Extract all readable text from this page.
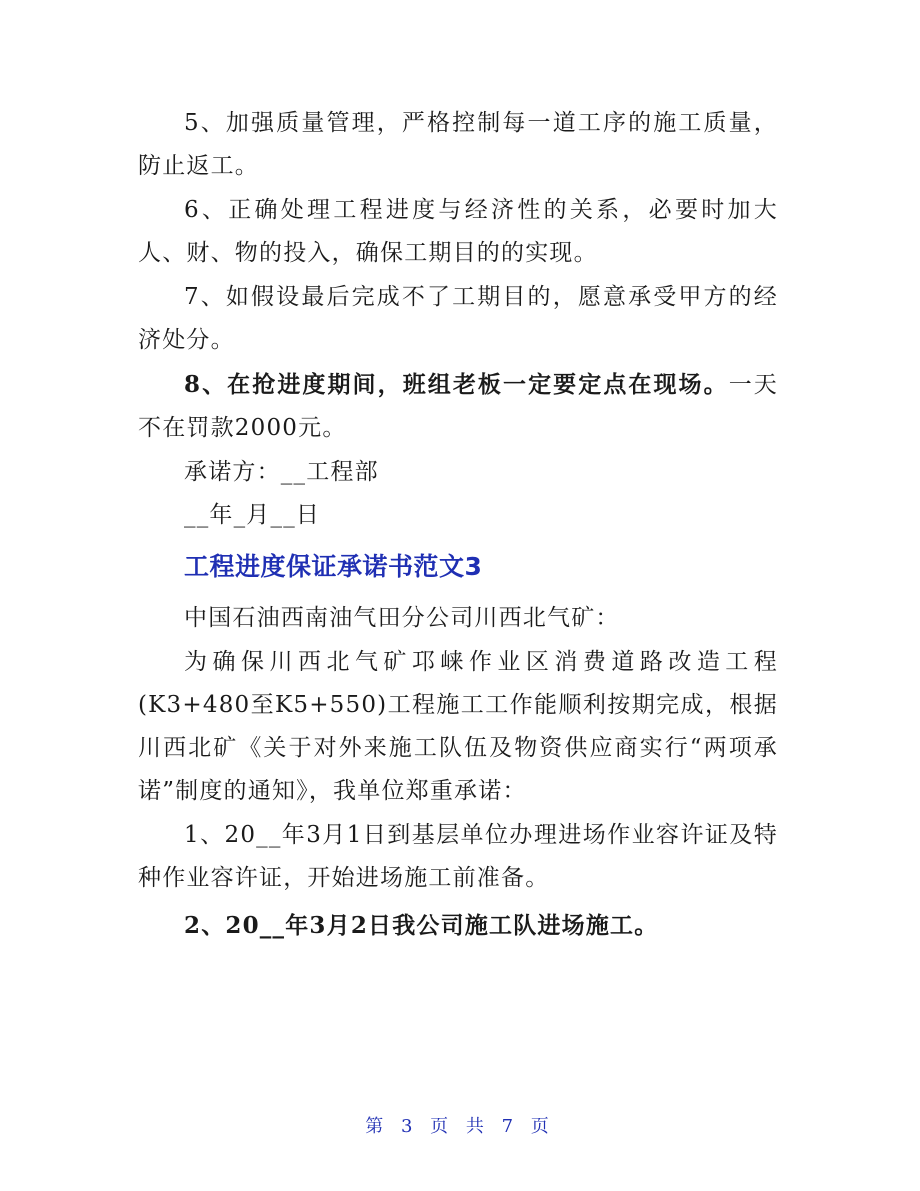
5、加强质量管理，严格控制每一道工序的施工质量，防止返工。

6、正确处理工程进度与经济性的关系，必要时加大人、财、物的投入，确保工期目的的实现。

7、如假设最后完成不了工期目的，愿意承受甲方的经济处分。

8、在抢进度期间，班组老板一定要定点在现场。一天不在罚款2000元。

承诺方：__工程部

__年_月__日

工程进度保证承诺书范文3

中国石油西南油气田分公司川西北气矿：

为确保川西北气矿邛崃作业区消费道路改造工程(K3+480至K5+550)工程施工工作能顺利按期完成，根据川西北矿《关于对外来施工队伍及物资供应商实行“两项承诺”制度的通知》，我单位郑重承诺：

1、20__年3月1日到基层单位办理进场作业容许证及特种作业容许证，开始进场施工前准备。

2、20__年3月2日我公司施工队进场施工。

第 3 页 共 7 页
